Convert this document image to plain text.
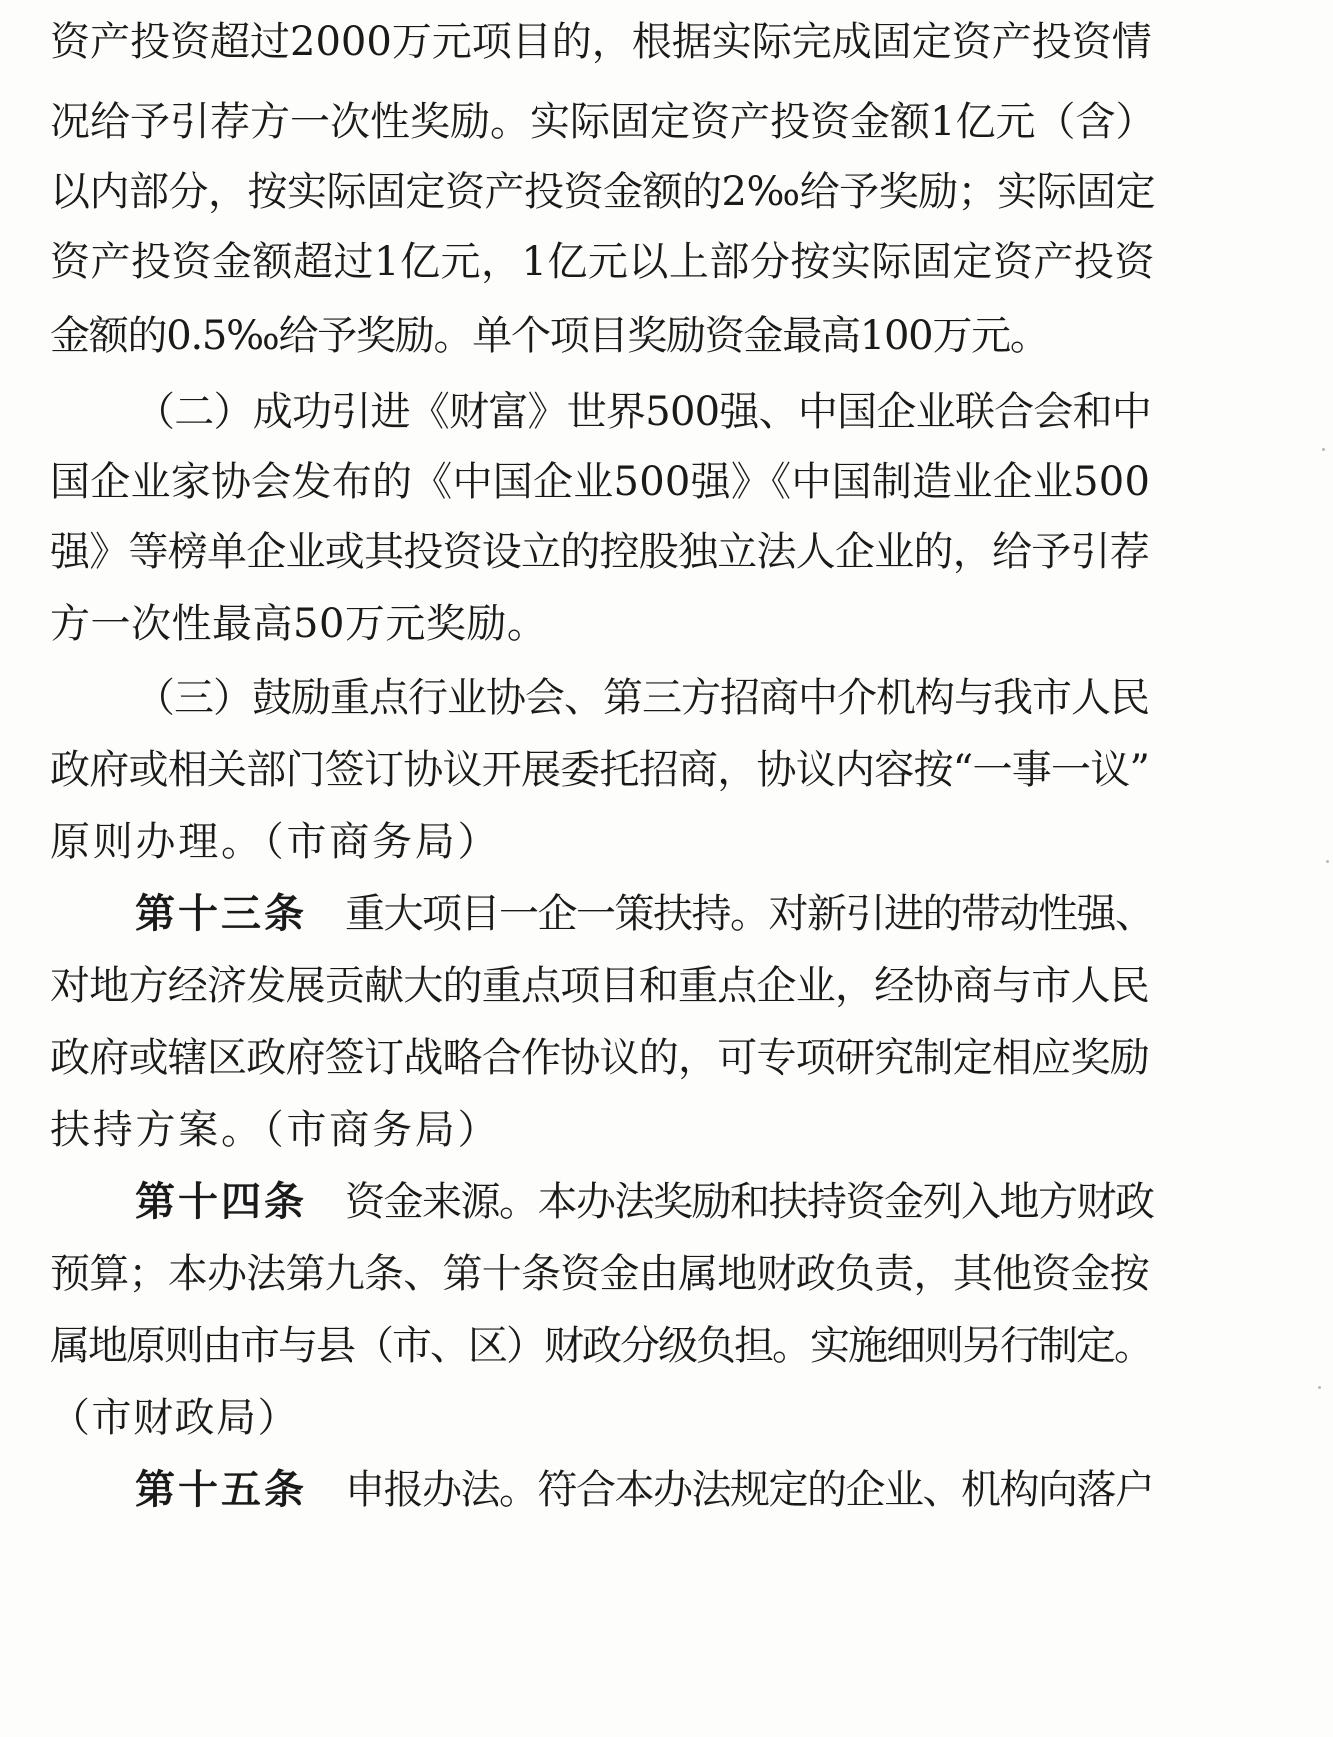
资产投资超过2000万元项目的，根据实际完成固定资产投资情
况给予引荐方一次性奖励。实际固定资产投资金额1亿元（含）
以内部分，按实际固定资产投资金额的2‰给予奖励；实际固定
资产投资金额超过1亿元，1亿元以上部分按实际固定资产投资
金额的0.5‰给予奖励。单个项目奖励资金最高100万元。
（二）成功引进《财富》世界500强、中国企业联合会和中
国企业家协会发布的《中国企业500强》《中国制造业企业500
强》等榜单企业或其投资设立的控股独立法人企业的，给予引荐
方一次性最高50万元奖励。
（三）鼓励重点行业协会、第三方招商中介机构与我市人民
政府或相关部门签订协议开展委托招商，协议内容按“一事一议”
原则办理。（市商务局）
第十三条 重大项目一企一策扶持。对新引进的带动性强、
对地方经济发展贡献大的重点项目和重点企业，经协商与市人民
政府或辖区政府签订战略合作协议的，可专项研究制定相应奖励
扶持方案。（市商务局）
第十四条 资金来源。本办法奖励和扶持资金列入地方财政
预算；本办法第九条、第十条资金由属地财政负责，其他资金按
属地原则由市与县（市、区）财政分级负担。实施细则另行制定。
（市财政局）
第十五条 申报办法。符合本办法规定的企业、机构向落户
